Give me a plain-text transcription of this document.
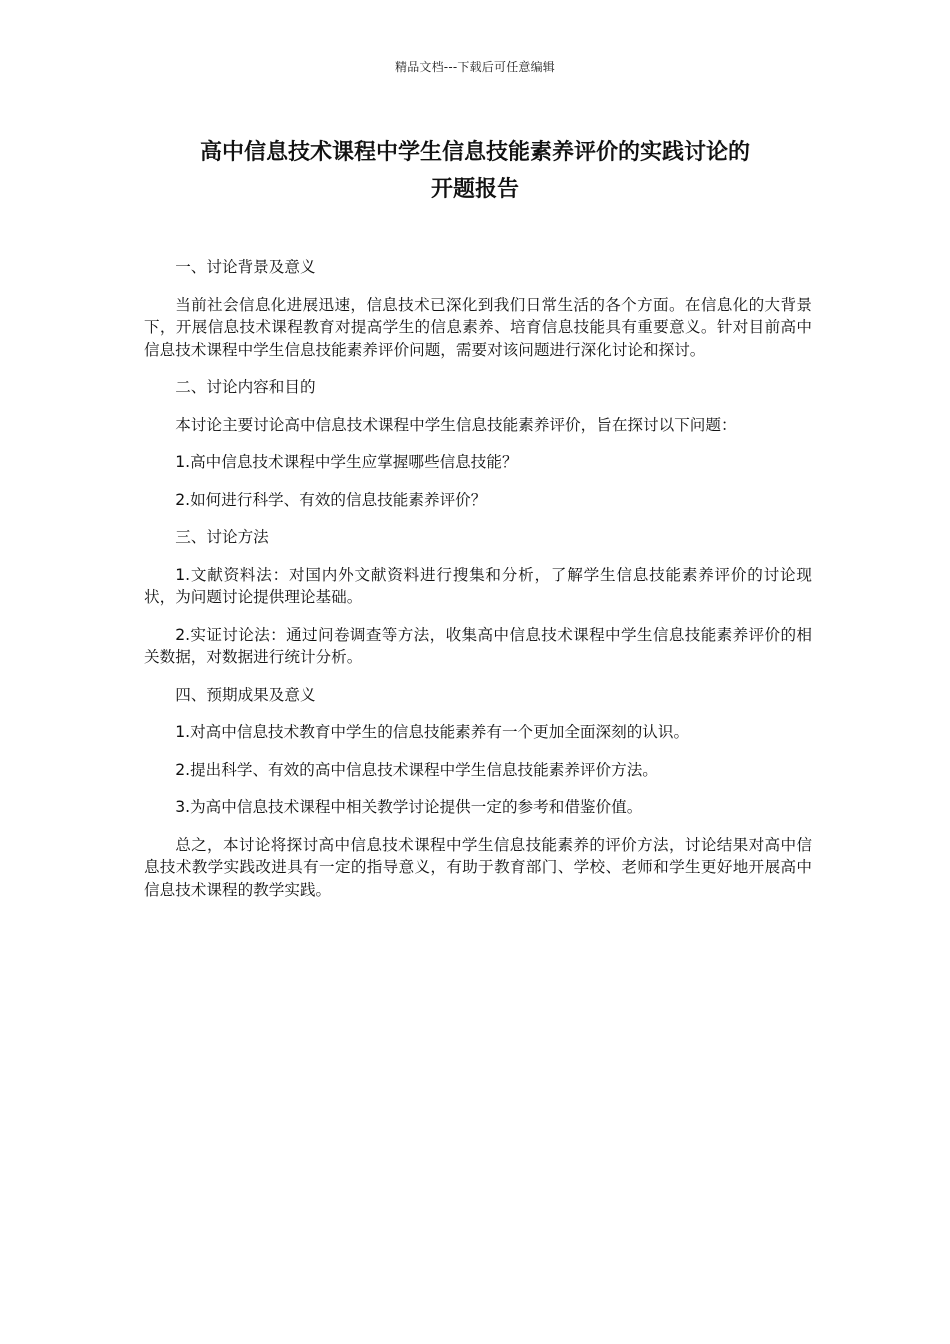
精品文档---下载后可任意编辑
高中信息技术课程中学生信息技能素养评价的实践讨论的
开题报告

一、讨论背景及意义

当前社会信息化进展迅速，信息技术已深化到我们日常生活的各个方面。在信息化的大背景下，开展信息技术课程教育对提高学生的信息素养、培育信息技能具有重要意义。针对目前高中信息技术课程中学生信息技能素养评价问题，需要对该问题进行深化讨论和探讨。

二、讨论内容和目的

本讨论主要讨论高中信息技术课程中学生信息技能素养评价，旨在探讨以下问题：

1.高中信息技术课程中学生应掌握哪些信息技能？

2.如何进行科学、有效的信息技能素养评价？

三、讨论方法

1.文献资料法：对国内外文献资料进行搜集和分析，了解学生信息技能素养评价的讨论现状，为问题讨论提供理论基础。

2.实证讨论法：通过问卷调查等方法，收集高中信息技术课程中学生信息技能素养评价的相关数据，对数据进行统计分析。

四、预期成果及意义

1.对高中信息技术教育中学生的信息技能素养有一个更加全面深刻的认识。

2.提出科学、有效的高中信息技术课程中学生信息技能素养评价方法。

3.为高中信息技术课程中相关教学讨论提供一定的参考和借鉴价值。

总之，本讨论将探讨高中信息技术课程中学生信息技能素养的评价方法，讨论结果对高中信息技术教学实践改进具有一定的指导意义，有助于教育部门、学校、老师和学生更好地开展高中信息技术课程的教学实践。
